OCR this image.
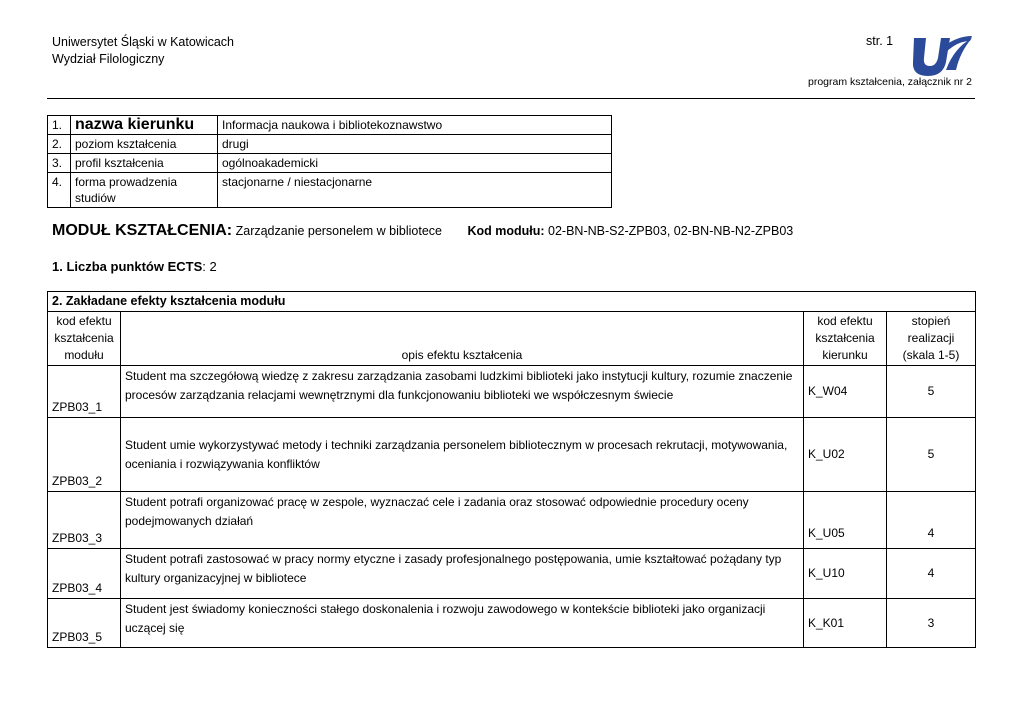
Uniwersytet Śląski w Katowicach
Wydział Filologiczny
str. 1
program kształcenia, załącznik nr 2
1.	nazwa kierunku	Informacja naukowa i bibliotekoznawstwo
2.	poziom kształcenia	drugi
3.	profil kształcenia	ogólnoakademicki
4.	forma prowadzenia studiów	stacjonarne / niestacjonarne
MODUŁ KSZTAŁCENIA: Zarządzanie personelem w bibliotece Kod modułu: 02-BN-NB-S2-ZPB03, 02-BN-NB-N2-ZPB03
1. Liczba punktów ECTS: 2
2. Zakładane efekty kształcenia modułu			
kod efektu kształcenia modułu	opis efektu kształcenia	kod efektu kształcenia kierunku	stopień realizacji (skala 1-5)
ZPB03_1	Student ma szczegółową wiedzę z zakresu zarządzania zasobami ludzkimi biblioteki jako instytucji kultury, rozumie znaczenie procesów zarządzania relacjami wewnętrznymi dla funkcjonowaniu biblioteki we współczesnym świecie	K_W04	5
ZPB03_2	Student umie wykorzystywać metody i techniki zarządzania personelem bibliotecznym w procesach rekrutacji, motywowania, oceniania i rozwiązywania konfliktów	K_U02	5
ZPB03_3	Student potrafi organizować pracę w zespole, wyznaczać cele i zadania oraz stosować odpowiednie procedury oceny podejmowanych działań	K_U05	4
ZPB03_4	Student potrafi zastosować w pracy normy etyczne i zasady profesjonalnego postępowania, umie kształtować pożądany typ kultury organizacyjnej w bibliotece	K_U10	4
ZPB03_5	Student jest świadomy konieczności stałego doskonalenia i rozwoju zawodowego w kontekście biblioteki jako organizacji uczącej się	K_K01	3
